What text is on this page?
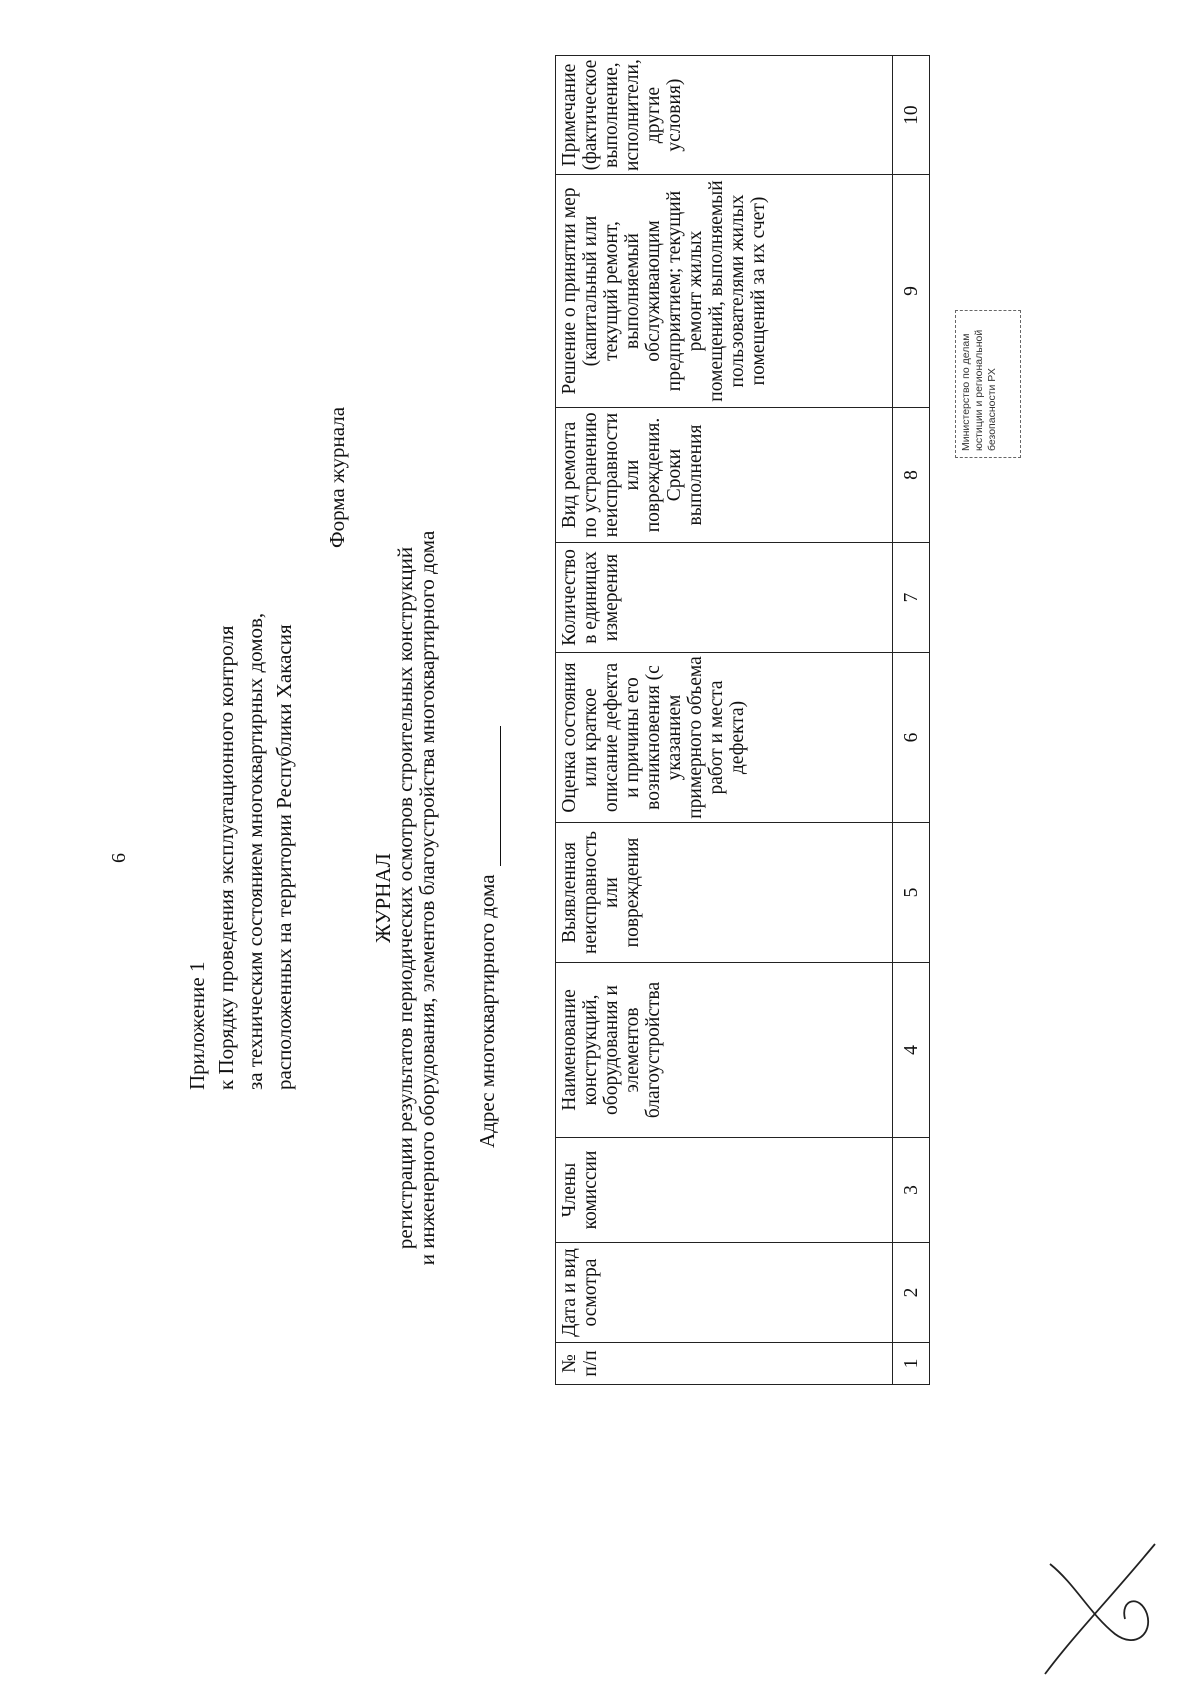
6
Приложение 1 к Порядку проведения эксплуатационного контроля за техническим состоянием многоквартирных домов, расположенных на территории Республики Хакасия
Форма журнала
ЖУРНАЛ
регистрации результатов периодических осмотров строительных конструкций
и инженерного оборудования, элементов благоустройства многоквартирного дома Адрес многоквартирного дома
№ п/п	Дата и вид осмотра	Члены комиссии	Наименование конструкций, оборудования и элементов благоустройства	Выявленная неисправность или повреждения	Оценка состояния или краткое описание дефекта и причины его возникновения (с указанием примерного объема работ и места дефекта)	Количество в единицах измерения	Вид ремонта по устранению неисправности или повреждения. Сроки выполнения	Решение о принятии мер (капитальный или текущий ремонт, выполняемый обслуживающим предприятием; текущий ремонт жилых помещений, выполняемый пользователями жилых помещений за их счет)	Примечание (фактическое выполнение, исполнители, другие условия)
1	2	3	4	5	6	7	8	9	10
Министерство по делам юстиции и региональной безопасности РХ
